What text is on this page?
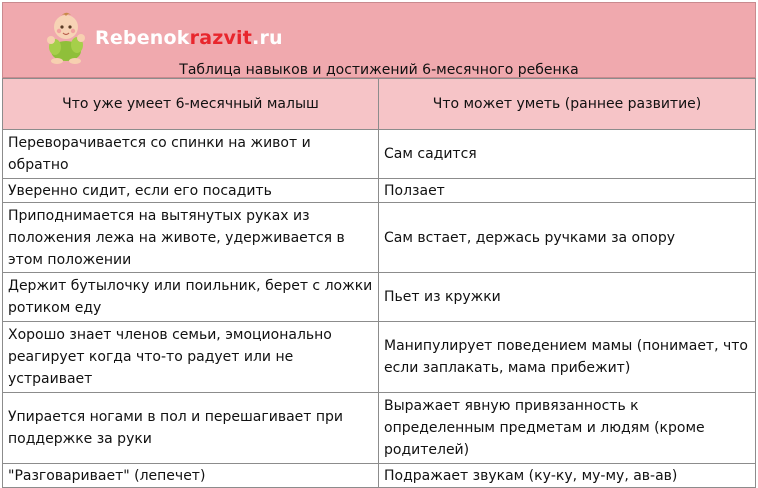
Rebenokrazvit.ru
Таблица навыков и достижений 6-месячного ребенка
Что уже умеет 6-месячный малыш	Что может уметь (раннее развитие)
Переворачивается со спинки на живот и обратно	Сам садится
Уверенно сидит, если его посадить	Ползает
Приподнимается на вытянутых руках из положения лежа на животе, удерживается в этом положении	Сам встает, держась ручками за опору
Держит бутылочку или поильник, берет с ложки ротиком еду	Пьет из кружки
Хорошо знает членов семьи, эмоционально реагирует когда что-то радует или не устраивает	Манипулирует поведением мамы (понимает, что если заплакать, мама прибежит)
Упирается ногами в пол и перешагивает при поддержке за руки	Выражает явную привязанность к определенным предметам и людям (кроме родителей)
"Разговаривает" (лепечет)	Подражает звукам (ку-ку, му-му, ав-ав)
